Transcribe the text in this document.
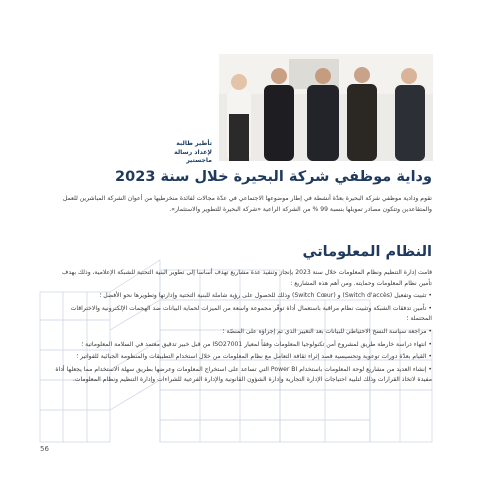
تأطير طالبة
لإعداد رسالة ماجستير
وداية موظفي شركة البحيرة خلال سنة 2023
تقوم ودادية موظفي شركة البحيرة بعدّة أنشطة في إطار موضوعها الاجتماعي في عدّة مجالات لفائدة منخرطيها من أعوان الشركة المباشرين للعمل والمتقاعدين وتتكون مصادر تمويلها بنسبة 99 % من الشركة الراعية «شركة البحيرة للتطوير والاستثمار».
النظام المعلوماتي
قامت إدارة التنظيم ونظام المعلومات خلال سنة 2023 بإنجاز وتنفيذ عدة مشاريع تهدف أساسا إلى تطوير البنية التحتية للشبكة الإعلامية، وذلك بهدف تأمين نظام المعلومات وحمايته. ومن أهم هذه المشاريع :
• تثبيت وتفعيل (Switch d'accès) و (Switch Cœur) وذلك للحصول على رؤية شاملة للبنية التحتية وإدارتها وتطويرها نحو الأفضل ؛
• تأمين تدفقات الشبكة وتثبيت نظام مراقبة باستعمال أداة توفّر مجموعة واسعة من الميزات لحماية البيانات ضد الهجمات الإلكترونية والاختراقات المحتملة ؛
• مراجعة سياسة النسخ الاحتياطي للبيانات بعد التغيير الذي تم إجراؤه على المنصّة ؛
• انتهاء دراسة خارطة طريق لمشروع أمن تكنولوجيا المعلومات وفقاً لمعيار ISO27001 من قبل خبير تدقيق معتمد في السلامة المعلوماتية ؛
• القيام بعدّة دورات توعوية وتحسيسية قصد إثراء ثقافة التعامل مع نظام المعلومات من خلال استخدام التطبيقات والمنظومة الجبائية للفواتير ؛
• إنشاء العديد من مشاريع لوحة المعلومات باستخدام Power BI التي تساعد على استخراج المعلومات وعرضها بطريق سهلة الاستخدام مما يجعلها أداة مفيدة لاتخاذ القرارات وذلك لتلبية احتياجات الإدارة التجارية وإدارة الشؤون القانونية والإدارة الفرعية للشراءات وإدارة التنظيم ونظام المعلومات.
56
